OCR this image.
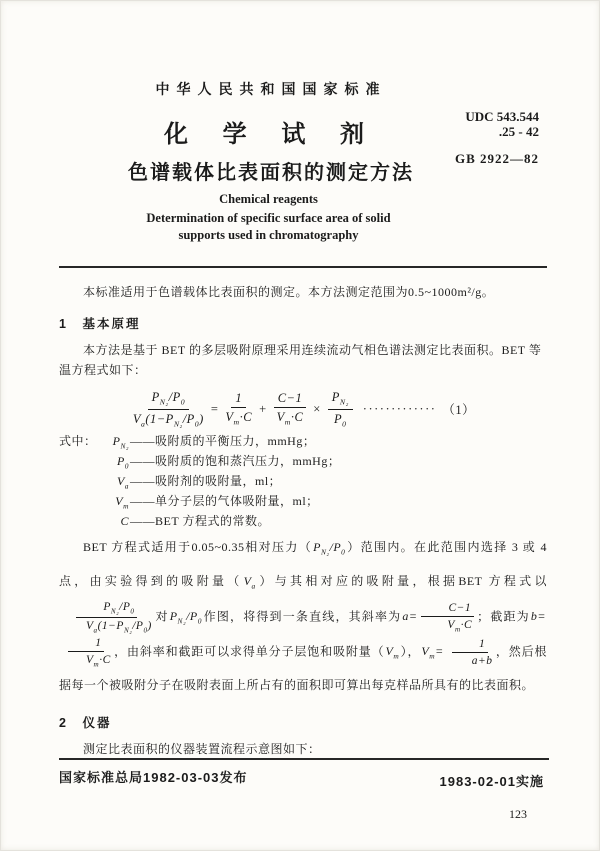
中华人民共和国国家标准
UDC 543.544
.25 - 42
化 学 试 剂
GB 2922—82
色谱载体比表面积的测定方法
Chemical reagents
Determination of specific surface area of solid
supports used in chromatography

本标准适用于色谱载体比表面积的测定。本方法测定范围为0.5~1000m²/g。

1　基本原理

本方法是基于 BET 的多层吸附原理采用连续流动气相色谱法测定比表面积。BET 等温方程式如下：

$\frac{P_{N_2}/P_0}{V_a(1-P_{N_2}/P_0)} = \frac{1}{V_m\cdot C} + \frac{C-1}{V_m\cdot C} \times \frac{P_{N_2}}{P_0}$ ············· （1）
式中：	$P_{N_2}$ ——吸附质的平衡压力，mmHg；
$P_0$ ——吸附质的饱和蒸汽压力，mmHg；
$V_a$ ——吸附剂的吸附量，ml；
$V_m$ ——单分子层的气体吸附量，ml；
C ——BET 方程式的常数。

BET 方程式适用于0.05~0.35相对压力$(P_{N_2}/P_0)$范围内。在此范围内选择 3 或 4 点，由实验得到的吸附量$(V_a)$与其相对应的吸附量，根据BET 方程式以
$\frac{P_{N_2}/P_0}{V_a(1-P_{N_2}/P_0)}$ 对$P_{N_2}/P_0$作图，将得到一条直线，其斜率为$a= \frac{C-1}{V_m\cdot C}$ ；截距为b=
$\frac{1}{V_m\cdot C}$ ，由斜率和截距可以求得单分子层饱和吸附量$(V_m)$，$V_m= \frac{1}{a+b}$ ，然后根据每一个被吸附分子在吸附表面上所占有的面积即可算出每克样品所具有的比表面积。

2　仪器

测定比表面积的仪器装置流程示意图如下：

国家标准总局1982-03-03发布	1983-02-01实施
123
